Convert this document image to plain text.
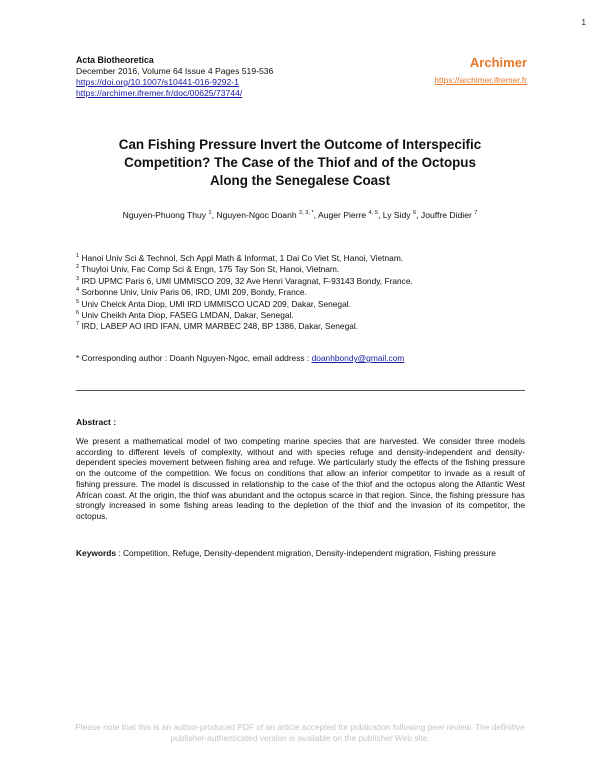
1
Acta Biotheoretica
December 2016, Volume 64 Issue 4 Pages 519-536
https://doi.org/10.1007/s10441-016-9292-1
https://archimer.ifremer.fr/doc/00625/73744/
Archimer
https://archimer.ifremer.fr
Can Fishing Pressure Invert the Outcome of Interspecific
Competition? The Case of the Thiof and of the Octopus
Along the Senegalese Coast
Nguyen-Phuong Thuy $^1$, Nguyen-Ngoc Doanh $^{2, 3, *}$, Auger Pierre $^{4, 5}$, Ly Sidy $^6$, Jouffre Didier $^7$
$^1$ Hanoi Univ Sci & Technol, Sch Appl Math & Informat, 1 Dai Co Viet St, Hanoi, Vietnam.
$^2$ Thuyloi Univ, Fac Comp Sci & Engn, 175 Tay Son St, Hanoi, Vietnam.
$^3$ IRD UPMC Paris 6, UMI UMMISCO 209, 32 Ave Henri Varagnat, F-93143 Bondy, France.
$^4$ Sorbonne Univ, Univ Paris 06, IRD, UMI 209, Bondy, France.
$^5$ Univ Cheick Anta Diop, UMI IRD UMMISCO UCAD 209, Dakar, Senegal.
$^6$ Univ Cheikh Anta Diop, FASEG LMDAN, Dakar, Senegal.
$^7$ IRD, LABEP AO IRD IFAN, UMR MARBEC 248, BP 1386, Dakar, Senegal.
* Corresponding author : Doanh Nguyen-Ngoc, email address : doanhbondy@gmail.com
Abstract :

We present a mathematical model of two competing marine species that are harvested. We consider three models according to different levels of complexity, without and with species refuge and density-independent and density-dependent species movement between fishing area and refuge. We particularly study the effects of the fishing pressure on the outcome of the competition. We focus on conditions that allow an inferior competitor to invade as a result of fishing pressure. The model is discussed in relationship to the case of the thiof and the octopus along the Atlantic West African coast. At the origin, the thiof was abundant and the octopus scarce in that region. Since, the fishing pressure has strongly increased in some fishing areas leading to the depletion of the thiof and the invasion of its competitor, the octopus.

Keywords : Competition, Refuge, Density-dependent migration, Density-independent migration, Fishing pressure

Please note that this is an author-produced PDF of an article accepted for publication following peer review. The definitive
publisher-authenticated version is available on the publisher Web site.
